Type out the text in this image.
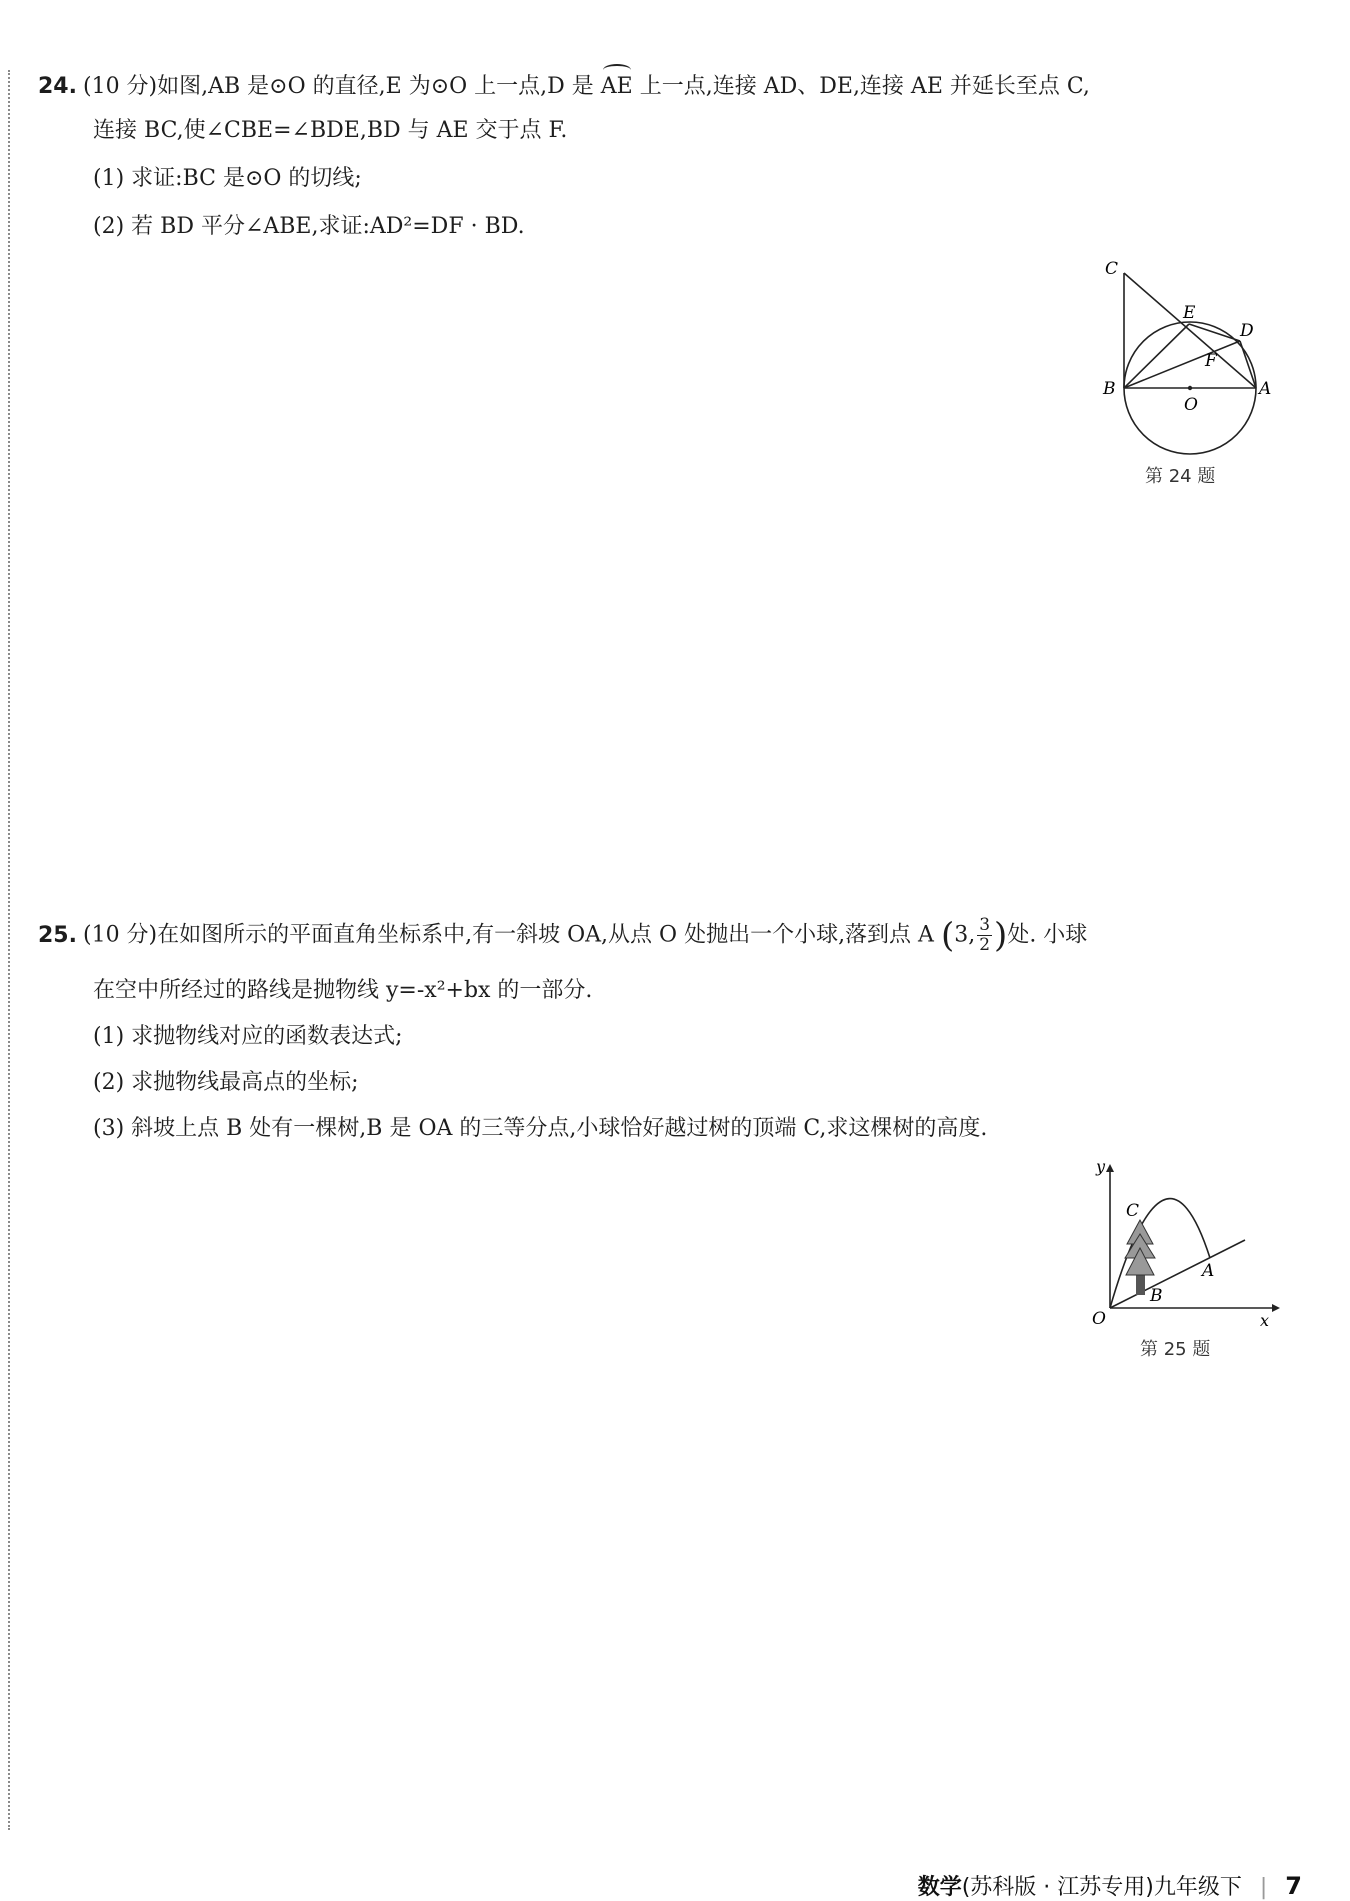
24. (10 分)如图,AB 是⊙O 的直径,E 为⊙O 上一点,D 是
AE 上一点,连接 AD、DE,连接 AE 并延长至点 C,
连接 BC,使∠CBE=∠BDE,BD 与 AE 交于点 F.
(1) 求证:BC 是⊙O 的切线;
(2) 若 BD 平分∠ABE,求证:AD²=DF · BD.
C
E
D
F
B
O
A
第 24 题
25. (10 分)在如图所示的平面直角坐标系中,有一斜坡 OA,从点 O 处抛出一个小球,落到点 A (3, $\frac{3}{2}$ )处. 小球
在空中所经过的路线是抛物线 y=-x²+bx 的一部分.
(1) 求抛物线对应的函数表达式;
(2) 求抛物线最高点的坐标;
(3) 斜坡上点 B 处有一棵树,B 是 OA 的三等分点,小球恰好越过树的顶端 C,求这棵树的高度.
y
x
O
C
A
B
第 25 题
数学(苏科版 · 江苏专用)九年级下 | 7
